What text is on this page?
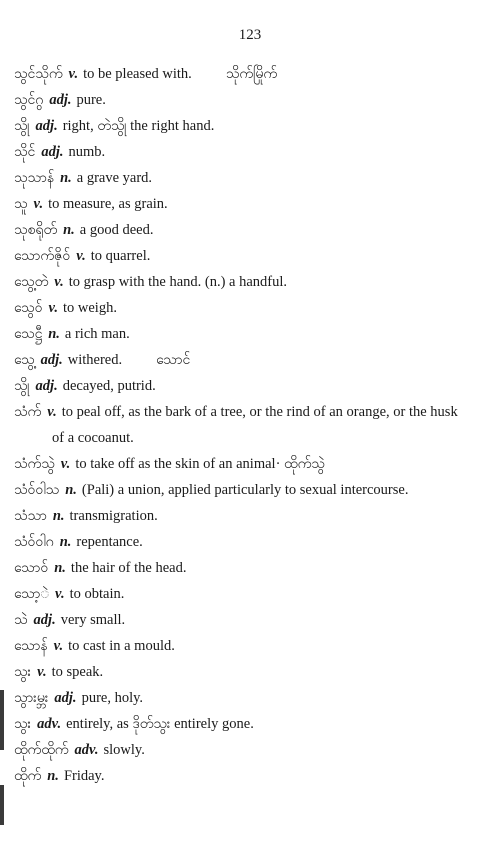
123

သွင်သိုက် v. to be pleased with. သိုက်မြိုက်

သွင်ဂွ adj. pure.

သွို adj. right, တဲသွို the right hand.

သိုင် adj. numb.

သုသာန် n. a grave yard.

သူ v. to measure, as grain.

သုစရိုတ် n. a good deed.

သောက်ဇိုဝ် v. to quarrel.

သွေ့တဲ v. to grasp with the hand. (n.) a handful.

သွေဝ် v. to weigh.

သေဋ္ဌီ n. a rich man.

သွေ့ adj. withered. သောင်

သွို adj. decayed, putrid.

သံက် v. to peal off, as the bark of a tree, or the rind of an orange, or the husk of a cocoanut.

သံက်သွဲ v. to take off as the skin of an animal· ထိုက်သွဲ

သံဝ်ဝါသ n. (Pali) a union, applied particularly to sexual intercourse.

သံသာ n. transmigration.

သံဝ်ဝါဂ n. repentance.

သောဝ် n. the hair of the head.

သော့ဲ v. to obtain.

သဲ adj. very small.

သောန် v. to cast in a mould.

သွး v. to speak.

သွားမ္ဘး adj. pure, holy.

သွး adv. entirely, as ဒိုတ်သွး entirely gone.

ထိုက်ထိုက် adv. slowly.

ထိုက် n. Friday.
